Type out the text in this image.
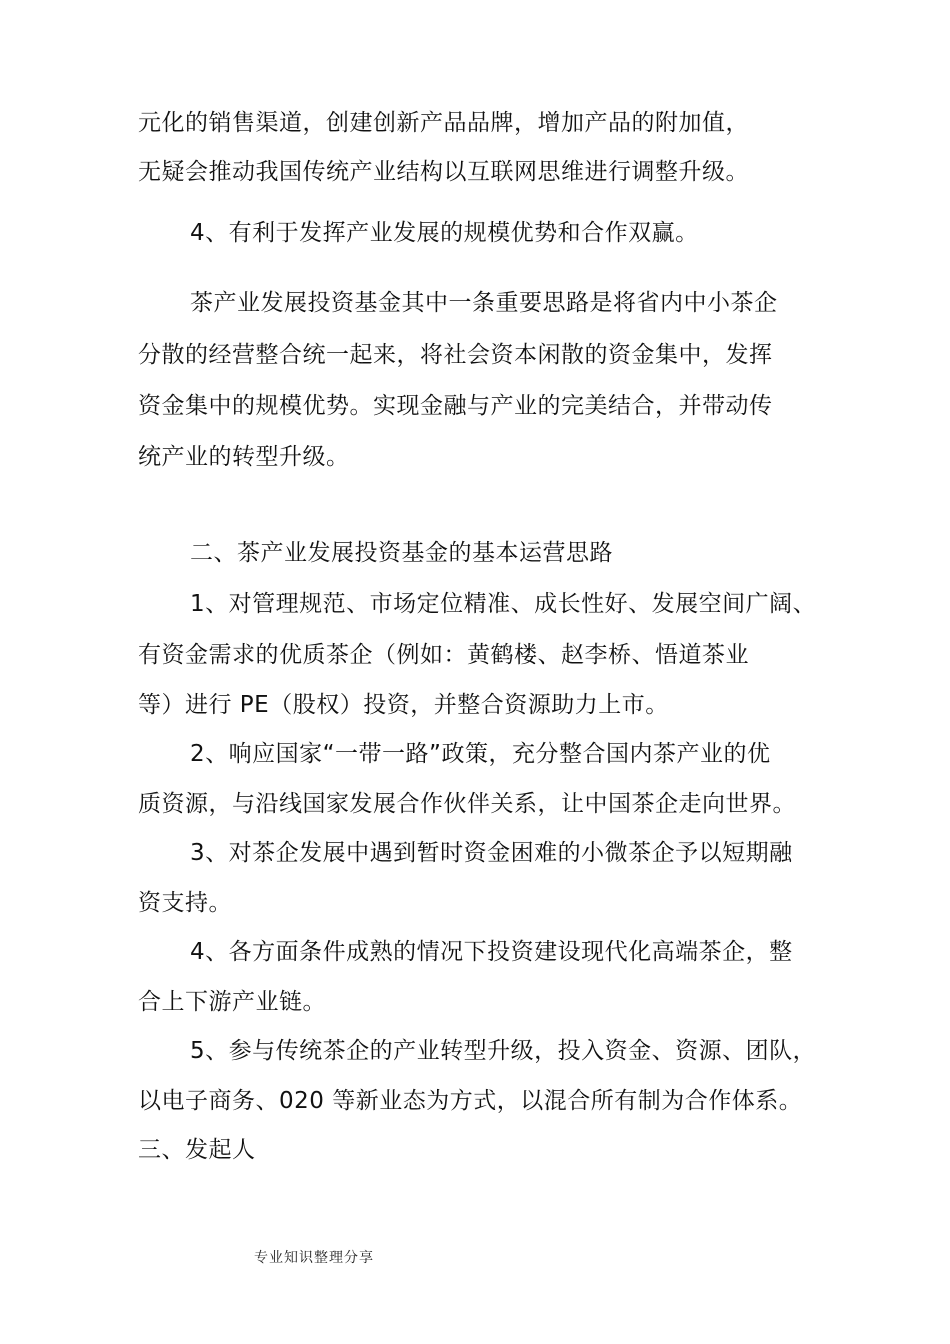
元化的销售渠道，创建创新产品品牌，增加产品的附加值，

无疑会推动我国传统产业结构以互联网思维进行调整升级。

4、有利于发挥产业发展的规模优势和合作双赢。

茶产业发展投资基金其中一条重要思路是将省内中小茶企

分散的经营整合统一起来，将社会资本闲散的资金集中，发挥

资金集中的规模优势。实现金融与产业的完美结合，并带动传

统产业的转型升级。

二、茶产业发展投资基金的基本运营思路

1、对管理规范、市场定位精准、成长性好、发展空间广阔、

有资金需求的优质茶企（例如：黄鹤楼、赵李桥、悟道茶业

等）进行 PE（股权）投资，并整合资源助力上市。

2、响应国家“一带一路”政策，充分整合国内茶产业的优

质资源，与沿线国家发展合作伙伴关系，让中国茶企走向世界。

3、对茶企发展中遇到暂时资金困难的小微茶企予以短期融

资支持。

4、各方面条件成熟的情况下投资建设现代化高端茶企，整

合上下游产业链。

5、参与传统茶企的产业转型升级，投入资金、资源、团队，

以电子商务、020 等新业态为方式，以混合所有制为合作体系。

三、发起人

专业知识整理分享
